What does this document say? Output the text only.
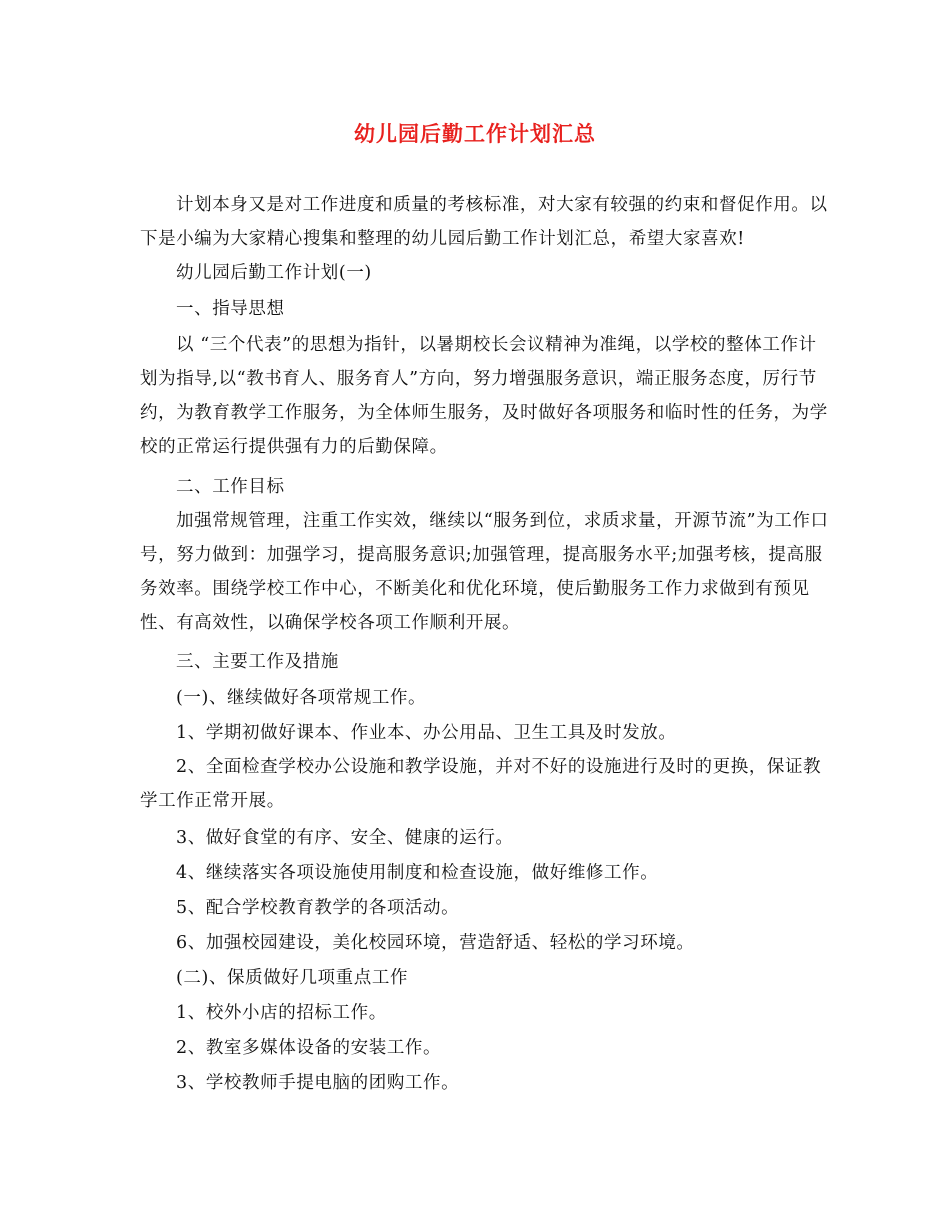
幼儿园后勤工作计划汇总

计划本身又是对工作进度和质量的考核标准，对大家有较强的约束和督促作用。以下是小编为大家精心搜集和整理的幼儿园后勤工作计划汇总，希望大家喜欢!

幼儿园后勤工作计划(一)
一、指导思想

以 “三个代表”的思想为指针，以暑期校长会议精神为准绳，以学校的整体工作计划为指导,以“教书育人、服务育人”方向，努力增强服务意识，端正服务态度，厉行节约，为教育教学工作服务，为全体师生服务，及时做好各项服务和临时性的任务，为学校的正常运行提供强有力的后勤保障。

二、工作目标

加强常规管理，注重工作实效，继续以“服务到位，求质求量，开源节流”为工作口号，努力做到：加强学习，提高服务意识;加强管理，提高服务水平;加强考核，提高服务效率。围绕学校工作中心，不断美化和优化环境，使后勤服务工作力求做到有预见性、有高效性，以确保学校各项工作顺利开展。

三、主要工作及措施
(一)、继续做好各项常规工作。
1、学期初做好课本、作业本、办公用品、卫生工具及时发放。

2、全面检查学校办公设施和教学设施，并对不好的设施进行及时的更换，保证教学工作正常开展。

3、做好食堂的有序、安全、健康的运行。
4、继续落实各项设施使用制度和检查设施，做好维修工作。
5、配合学校教育教学的各项活动。
6、加强校园建设，美化校园环境，营造舒适、轻松的学习环境。
(二)、保质做好几项重点工作
1、校外小店的招标工作。
2、教室多媒体设备的安装工作。
3、学校教师手提电脑的团购工作。
